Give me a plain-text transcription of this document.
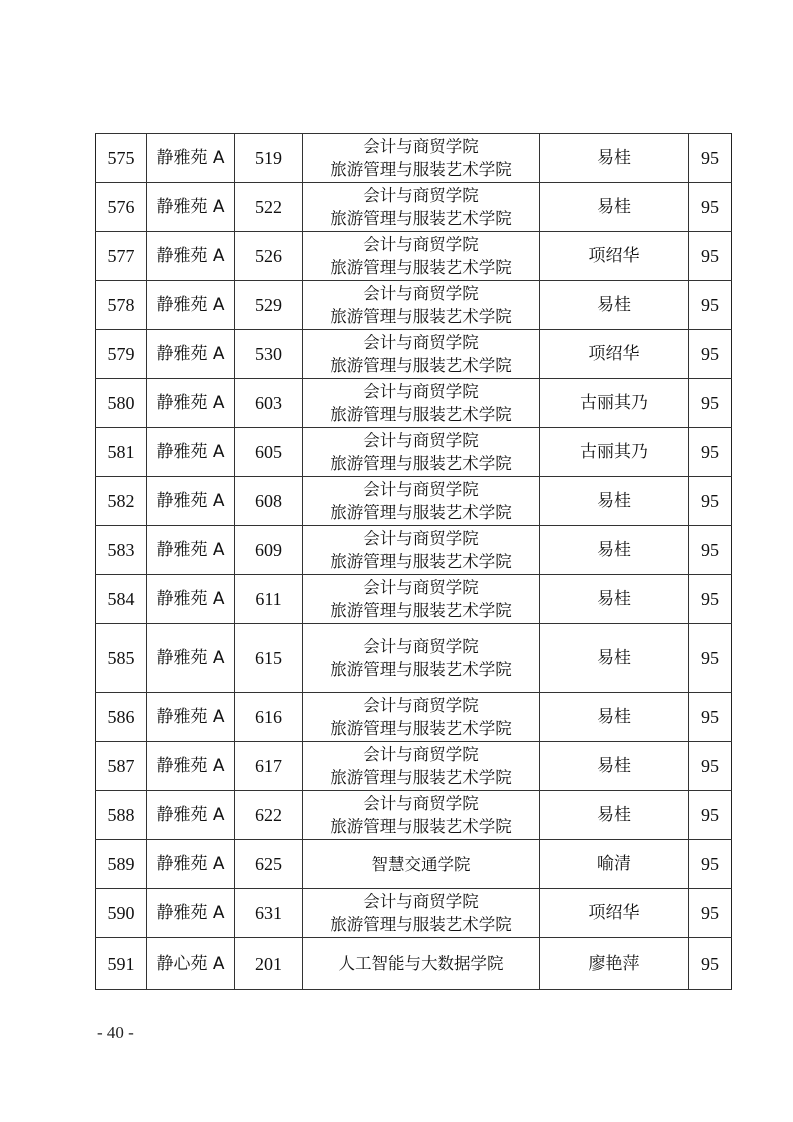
575	静雅苑 A	519	会计与商贸学院
旅游管理与服装艺术学院	易桂	95
576	静雅苑 A	522	会计与商贸学院
旅游管理与服装艺术学院	易桂	95
577	静雅苑 A	526	会计与商贸学院
旅游管理与服装艺术学院	项绍华	95
578	静雅苑 A	529	会计与商贸学院
旅游管理与服装艺术学院	易桂	95
579	静雅苑 A	530	会计与商贸学院
旅游管理与服装艺术学院	项绍华	95
580	静雅苑 A	603	会计与商贸学院
旅游管理与服装艺术学院	古丽其乃	95
581	静雅苑 A	605	会计与商贸学院
旅游管理与服装艺术学院	古丽其乃	95
582	静雅苑 A	608	会计与商贸学院
旅游管理与服装艺术学院	易桂	95
583	静雅苑 A	609	会计与商贸学院
旅游管理与服装艺术学院	易桂	95
584	静雅苑 A	611	会计与商贸学院
旅游管理与服装艺术学院	易桂	95
585	静雅苑 A	615	会计与商贸学院
旅游管理与服装艺术学院	易桂	95
586	静雅苑 A	616	会计与商贸学院
旅游管理与服装艺术学院	易桂	95
587	静雅苑 A	617	会计与商贸学院
旅游管理与服装艺术学院	易桂	95
588	静雅苑 A	622	会计与商贸学院
旅游管理与服装艺术学院	易桂	95
589	静雅苑 A	625	智慧交通学院	喻清	95
590	静雅苑 A	631	会计与商贸学院
旅游管理与服装艺术学院	项绍华	95
591	静心苑 A	201	人工智能与大数据学院	廖艳萍	95
- 40 -
